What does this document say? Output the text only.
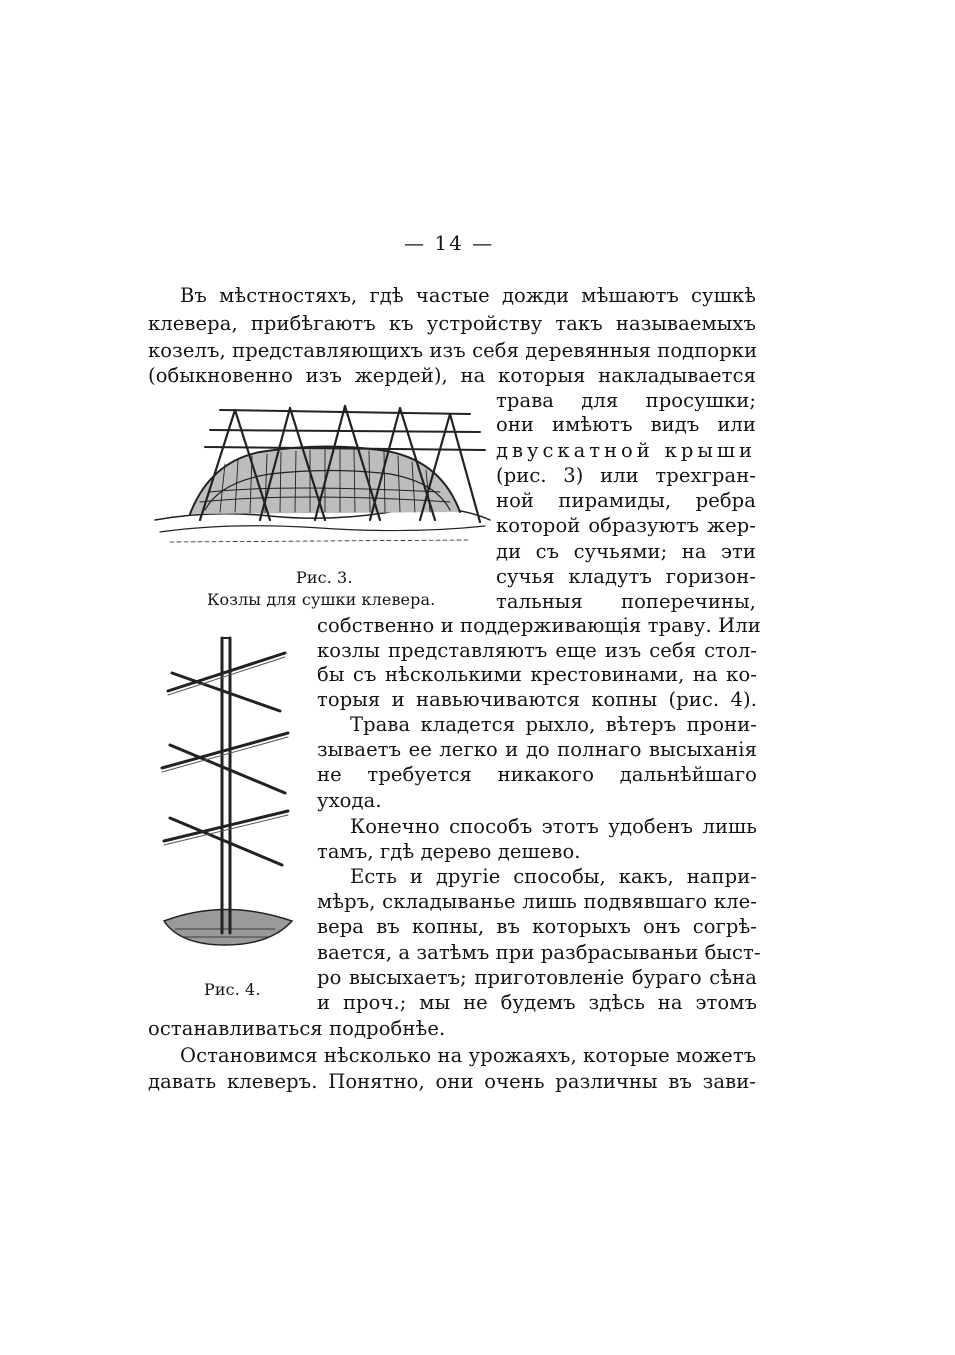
— 14 —

Въ мѣстностяхъ, гдѣ частые дожди мѣшаютъ сушкѣ

клевера, прибѣгаютъ къ устройству такъ называемыхъ

козелъ, представляющихъ изъ себя деревянныя подпорки

(обыкновенно изъ жердей), на которыя накладывается

Рис. 3.
Козлы для сушки клевера.

трава для просушки;

они имѣютъ видъ или

двускатной крыши

(рис. 3) или трехгран-

ной пирамиды, ребра

которой образуютъ жер-

ди съ сучьями; на эти

сучья кладутъ горизон-

тальныя поперечины,

Рис. 4.

собственно и поддерживающія траву. Или

козлы представляютъ еще изъ себя стол-

бы съ нѣсколькими крестовинами, на ко-

торыя и навьючиваются копны (рис. 4).

Трава кладется рыхло, вѣтеръ прони-

зываетъ ее легко и до полнаго высыханія

не требуется никакого дальнѣйшаго

ухода.

Конечно способъ этотъ удобенъ лишь

тамъ, гдѣ дерево дешево.

Есть и другіе способы, какъ, напри-

мѣръ, складыванье лишь подвявшаго кле-

вера въ копны, въ которыхъ онъ согрѣ-

вается, а затѣмъ при разбрасываньи быст-

ро высыхаетъ; приготовленіе бураго сѣна

и проч.; мы не будемъ здѣсь на этомъ

останавливаться подробнѣе.

Остановимся нѣсколько на урожаяхъ, которые можетъ

давать клеверъ. Понятно, они очень различны въ зави-
